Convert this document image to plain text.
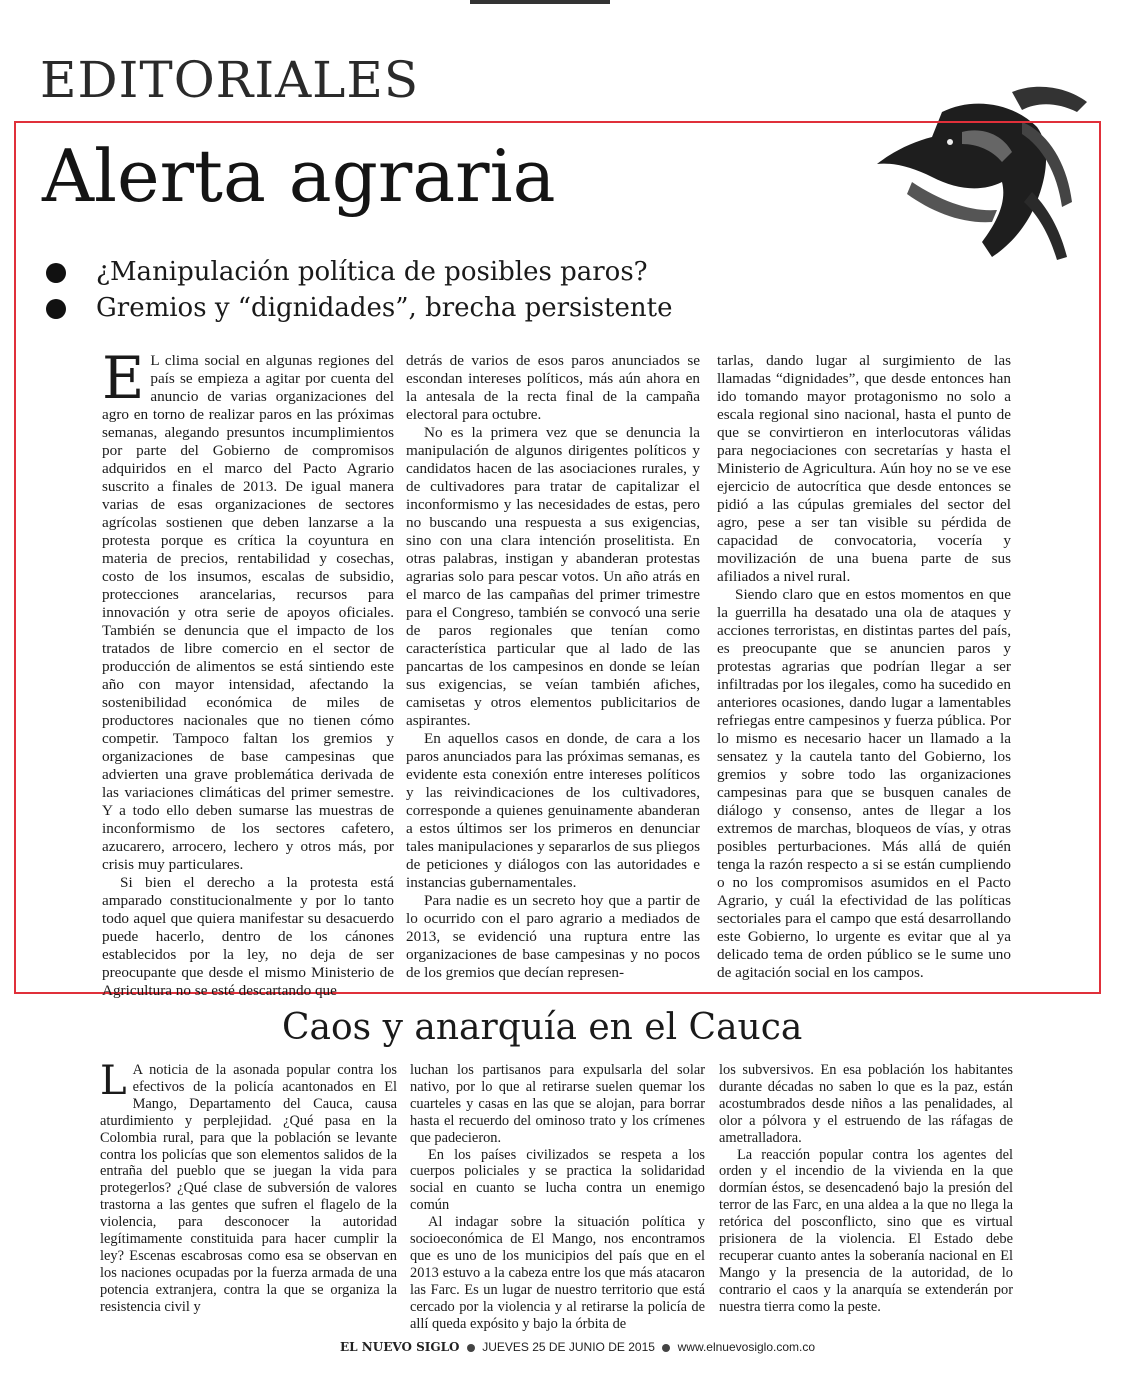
EDITORIALES
Alerta agraria
¿Manipulación política de posibles paros?
Gremios y “dignidades”, brecha persistente

E L clima social en algunas regiones del país se empieza a agitar por cuenta del anuncio de varias organizaciones del agro en torno de realizar paros en las próximas semanas, alegando presuntos incumplimientos por parte del Gobierno de compromisos adquiridos en el marco del Pacto Agrario suscrito a finales de 2013. De igual manera varias de esas organizaciones de sectores agrícolas sostienen que deben lanzarse a la protesta porque es crítica la coyuntura en materia de precios, rentabilidad y cosechas, costo de los insumos, escalas de subsidio, protecciones arancelarias, recursos para innovación y otra serie de apoyos oficiales. También se denuncia que el impacto de los tratados de libre comercio en el sector de producción de alimentos se está sintiendo este año con mayor intensidad, afectando la sostenibilidad económica de miles de productores nacionales que no tienen cómo competir. Tampoco faltan los gremios y organizaciones de base campesinas que advierten una grave problemática derivada de las variaciones climáticas del primer semestre. Y a todo ello deben sumarse las muestras de inconformismo de los sectores cafetero, azucarero, arrocero, lechero y otros más, por crisis muy particulares.

Si bien el derecho a la protesta está amparado constitucionalmente y por lo tanto todo aquel que quiera manifestar su desacuerdo puede hacerlo, dentro de los cánones establecidos por la ley, no deja de ser preocupante que desde el mismo Ministerio de Agricultura no se esté descartando que

detrás de varios de esos paros anunciados se escondan intereses políticos, más aún ahora en la antesala de la recta final de la campaña electoral para octubre.

No es la primera vez que se denuncia la manipulación de algunos dirigentes políticos y candidatos hacen de las asociaciones rurales, y de cultivadores para tratar de capitalizar el inconformismo y las necesidades de estas, pero no buscando una respuesta a sus exigencias, sino con una clara intención proselitista. En otras palabras, instigan y abanderan protestas agrarias solo para pescar votos. Un año atrás en el marco de las campañas del primer trimestre para el Congreso, también se convocó una serie de paros regionales que tenían como característica particular que al lado de las pancartas de los campesinos en donde se leían sus exigencias, se veían también afiches, camisetas y otros elementos publicitarios de aspirantes.

En aquellos casos en donde, de cara a los paros anunciados para las próximas semanas, es evidente esta conexión entre intereses políticos y las reivindicaciones de los cultivadores, corresponde a quienes genuinamente abanderan a estos últimos ser los primeros en denunciar tales manipulaciones y separarlos de sus pliegos de peticiones y diálogos con las autoridades e instancias gubernamentales.

Para nadie es un secreto hoy que a partir de lo ocurrido con el paro agrario a mediados de 2013, se evidenció una ruptura entre las organizaciones de base campesinas y no pocos de los gremios que decían represen-

tarlas, dando lugar al surgimiento de las llamadas “dignidades”, que desde entonces han ido tomando mayor protagonismo no solo a escala regional sino nacional, hasta el punto de que se convirtieron en interlocutoras válidas para negociaciones con secretarías y hasta el Ministerio de Agricultura. Aún hoy no se ve ese ejercicio de autocrítica que desde entonces se pidió a las cúpulas gremiales del sector del agro, pese a ser tan visible su pérdida de capacidad de convocatoria, vocería y movilización de una buena parte de sus afiliados a nivel rural.

Siendo claro que en estos momentos en que la guerrilla ha desatado una ola de ataques y acciones terroristas, en distintas partes del país, es preocupante que se anuncien paros y protestas agrarias que podrían llegar a ser infiltradas por los ilegales, como ha sucedido en anteriores ocasiones, dando lugar a lamentables refriegas entre campesinos y fuerza pública. Por lo mismo es necesario hacer un llamado a la sensatez y la cautela tanto del Gobierno, los gremios y sobre todo las organizaciones campesinas para que se busquen canales de diálogo y consenso, antes de llegar a los extremos de marchas, bloqueos de vías, y otras posibles perturbaciones. Más allá de quién tenga la razón respecto a si se están cumpliendo o no los compromisos asumidos en el Pacto Agrario, y cuál la efectividad de las políticas sectoriales para el campo que está desarrollando este Gobierno, lo urgente es evitar que al ya delicado tema de orden público se le sume uno de agitación social en los campos.

Caos y anarquía en el Cauca

L A noticia de la asonada popular contra los efectivos de la policía acantonados en El Mango, Departamento del Cauca, causa aturdimiento y perplejidad. ¿Qué pasa en la Colombia rural, para que la población se levante contra los policías que son elementos salidos de la entraña del pueblo que se juegan la vida para protegerlos? ¿Qué clase de subversión de valores trastorna a las gentes que sufren el flagelo de la violencia, para desconocer la autoridad legítimamente constituida para hacer cumplir la ley? Escenas escabrosas como esa se observan en los naciones ocupadas por la fuerza armada de una potencia extranjera, contra la que se organiza la resistencia civil y

luchan los partisanos para expulsarla del solar nativo, por lo que al retirarse suelen quemar los cuarteles y casas en las que se alojan, para borrar hasta el recuerdo del ominoso trato y los crímenes que padecieron.

En los países civilizados se respeta a los cuerpos policiales y se practica la solidaridad social en cuanto se lucha contra un enemigo común

Al indagar sobre la situación política y socioeconómica de El Mango, nos encontramos que es uno de los municipios del país que en el 2013 estuvo a la cabeza entre los que más atacaron las Farc. Es un lugar de nuestro territorio que está cercado por la violencia y al retirarse la policía de allí queda expósito y bajo la órbita de

los subversivos. En esa población los habitantes durante décadas no saben lo que es la paz, están acostumbrados desde niños a las penalidades, al olor a pólvora y el estruendo de las ráfagas de ametralladora.

La reacción popular contra los agentes del orden y el incendio de la vivienda en la que dormían éstos, se desencadenó bajo la presión del terror de las Farc, en una aldea a la que no llega la retórica del posconflicto, sino que es virtual prisionera de la violencia. El Estado debe recuperar cuanto antes la soberanía nacional en El Mango y la presencia de la autoridad, de lo contrario el caos y la anarquía se extenderán por nuestra tierra como la peste.

EL NUEVO SIGLO JUEVES 25 DE JUNIO DE 2015 www.elnuevosiglo.com.co
